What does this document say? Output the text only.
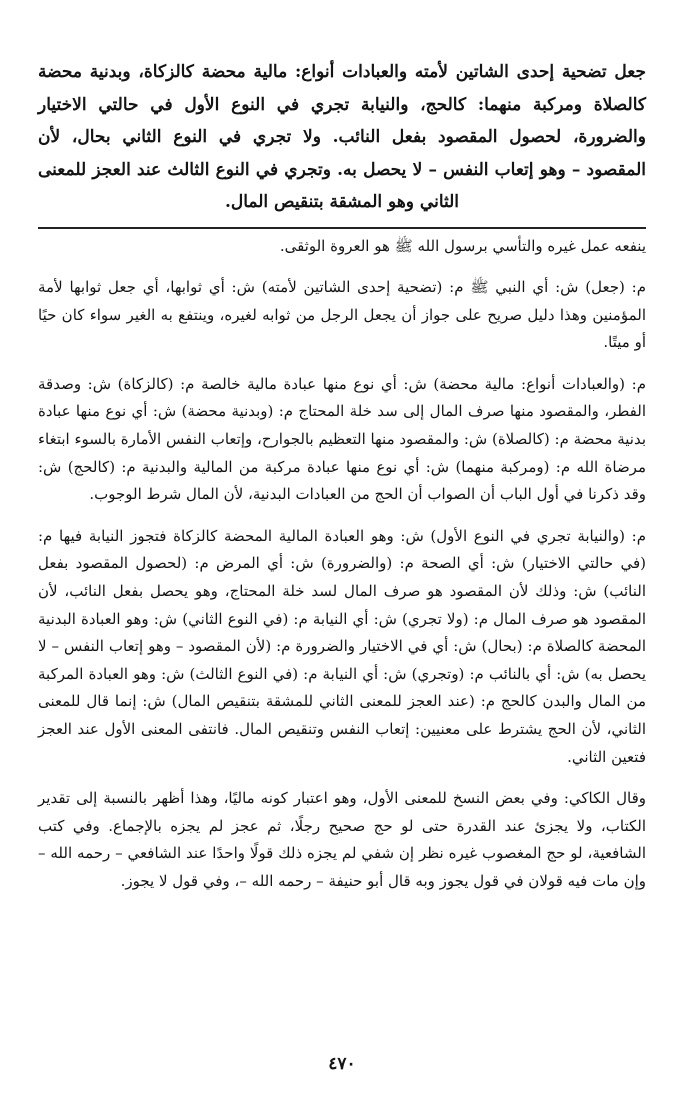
جعل تضحية إحدى الشاتين لأمته والعبادات أنواع: مالية محضة كالزكاة، وبدنية محضة كالصلاة ومركبة منهما: كالحج، والنيابة تجري في النوع الأول في حالتي الاختيار والضرورة، لحصول المقصود بفعل النائب. ولا تجري في النوع الثاني بحال، لأن المقصود – وهو إتعاب النفس – لا يحصل به. وتجري في النوع الثالث عند العجز للمعنى الثاني وهو المشقة بتنقيص المال.

ينفعه عمل غيره والتأسي برسول الله ﷺ هو العروة الوثقى.

م: (جعل) ش: أي النبي ﷺ م: (تضحية إحدى الشاتين لأمته) ش: أي ثوابها، أي جعل ثوابها لأمة المؤمنين وهذا دليل صريح على جواز أن يجعل الرجل من ثوابه لغيره، وينتفع به الغير سواء كان حيًا أو ميتًا.

م: (والعبادات أنواع: مالية محضة) ش: أي نوع منها عبادة مالية خالصة م: (كالزكاة) ش: وصدقة الفطر، والمقصود منها صرف المال إلى سد خلة المحتاج م: (وبدنية محضة) ش: أي نوع منها عبادة بدنية محضة م: (كالصلاة) ش: والمقصود منها التعظيم بالجوارح، وإتعاب النفس الأمارة بالسوء ابتغاء مرضاة الله م: (ومركبة منهما) ش: أي نوع منها عبادة مركبة من المالية والبدنية م: (كالحج) ش: وقد ذكرنا في أول الباب أن الصواب أن الحج من العبادات البدنية، لأن المال شرط الوجوب.

م: (والنيابة تجري في النوع الأول) ش: وهو العبادة المالية المحضة كالزكاة فتجوز النيابة فيها م: (في حالتي الاختيار) ش: أي الصحة م: (والضرورة) ش: أي المرض م: (لحصول المقصود بفعل النائب) ش: وذلك لأن المقصود هو صرف المال لسد خلة المحتاج، وهو يحصل بفعل النائب، لأن المقصود هو صرف المال م: (ولا تجري) ش: أي النيابة م: (في النوع الثاني) ش: وهو العبادة البدنية المحضة كالصلاة م: (بحال) ش: أي في الاختيار والضرورة م: (لأن المقصود – وهو إتعاب النفس – لا يحصل به) ش: أي بالنائب م: (وتجري) ش: أي النيابة م: (في النوع الثالث) ش: وهو العبادة المركبة من المال والبدن كالحج م: (عند العجز للمعنى الثاني للمشقة بتنقيص المال) ش: إنما قال للمعنى الثاني، لأن الحج يشترط على معنيين: إتعاب النفس وتنقيص المال. فانتفى المعنى الأول عند العجز فتعين الثاني.

وقال الكاكي: وفي بعض النسخ للمعنى الأول، وهو اعتبار كونه ماليًا، وهذا أظهر بالنسبة إلى تقدير الكتاب، ولا يجزئ عند القدرة حتى لو حج صحيح رجلًا، ثم عجز لم يجزه بالإجماع. وفي كتب الشافعية، لو حج المغصوب غيره نظر إن شفي لم يجزه ذلك قولًا واحدًا عند الشافعي – رحمه الله – وإن مات فيه قولان في قول يجوز وبه قال أبو حنيفة – رحمه الله –، وفي قول لا يجوز.

٤٧٠
